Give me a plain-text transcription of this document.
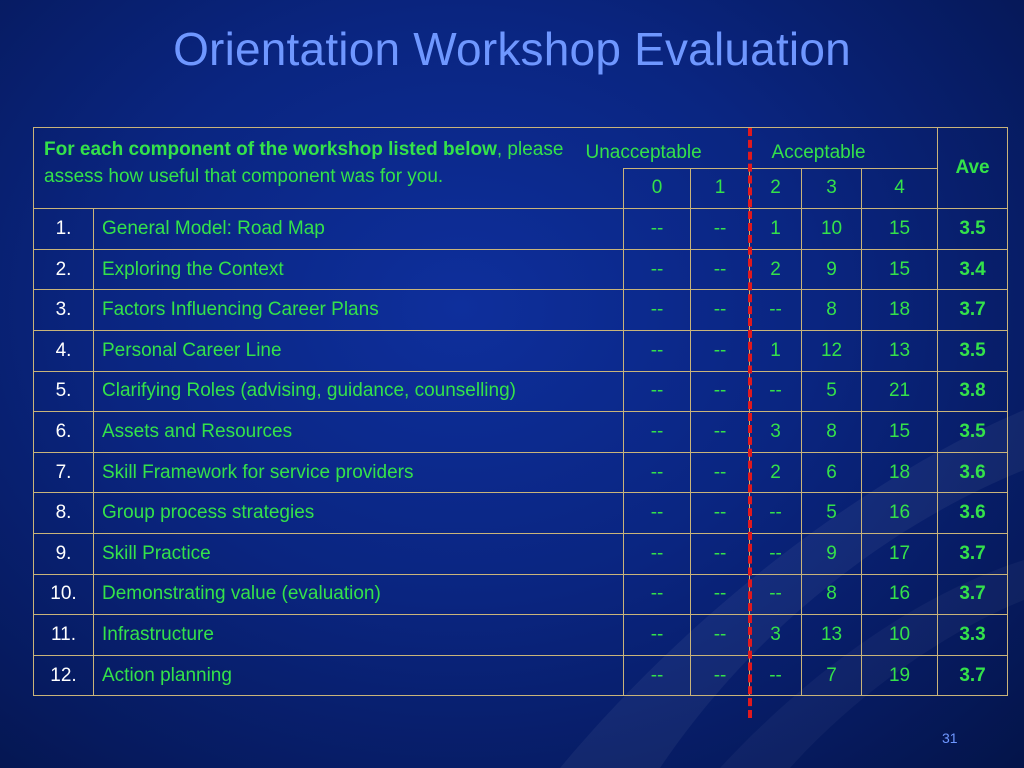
Orientation Workshop Evaluation
For each component of the workshop listed below, please assess how useful that component was for you.		Unacceptable Acceptable					Ave
		0	1	2	3	4	
1.	General Model: Road Map	--	--	1	10	15	3.5
2.	Exploring the Context	--	--	2	9	15	3.4
3.	Factors Influencing Career Plans	--	--	--	8	18	3.7
4.	Personal Career Line	--	--	1	12	13	3.5
5.	Clarifying Roles (advising, guidance, counselling)	--	--	--	5	21	3.8
6.	Assets and Resources	--	--	3	8	15	3.5
7.	Skill Framework for service providers	--	--	2	6	18	3.6
8.	Group process strategies	--	--	--	5	16	3.6
9.	Skill Practice	--	--	--	9	17	3.7
10.	Demonstrating value (evaluation)	--	--	--	8	16	3.7
11.	Infrastructure	--	--	3	13	10	3.3
12.	Action planning	--	--	--	7	19	3.7
31
